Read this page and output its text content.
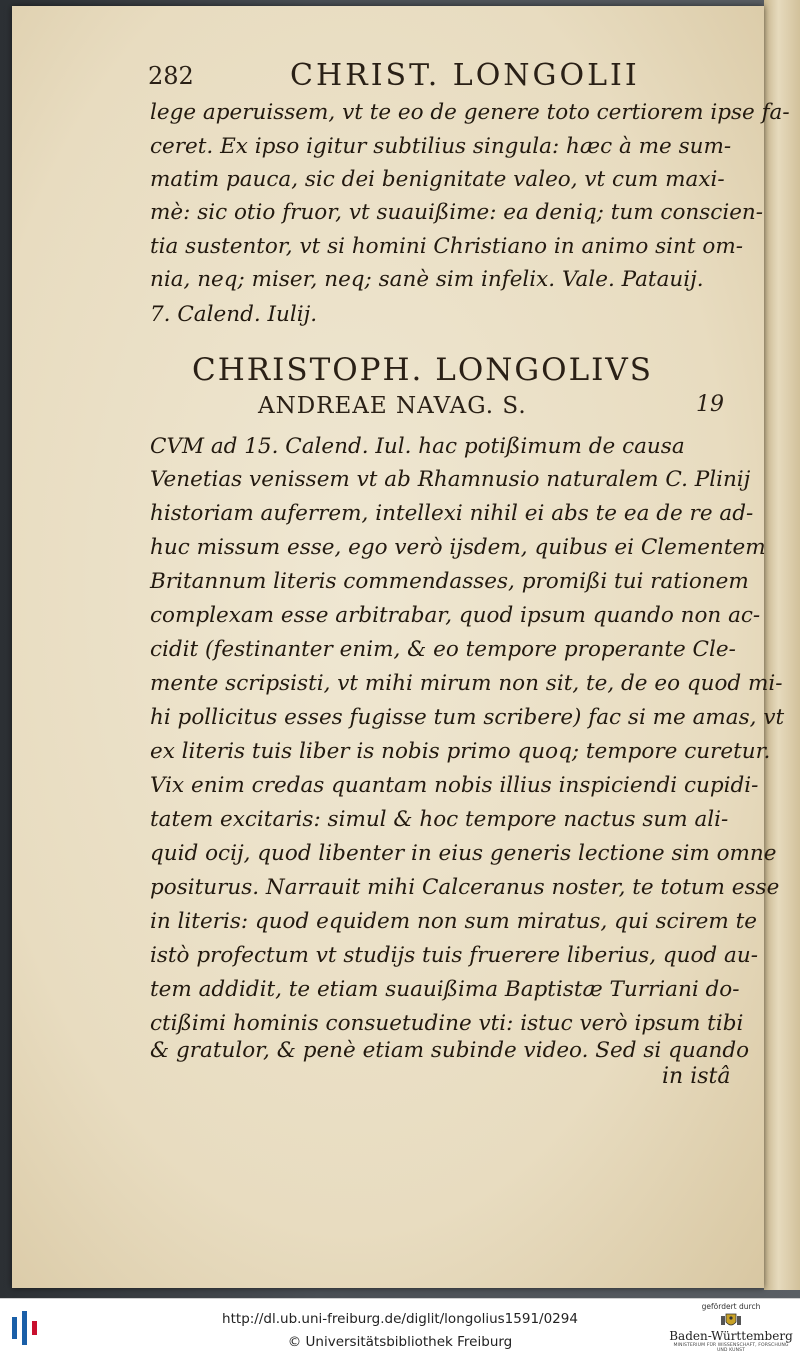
282	CHRIST. LONGOLII
lege aperuissem, vt te eo de genere toto certiorem ipse fa-
ceret. Ex ipso igitur subtilius singula: hæc à me sum-
matim pauca, sic dei benignitate valeo, vt cum maxi-
mè: sic otio fruor, vt suauißime: ea deniq; tum conscien-
tia sustentor, vt si homini Christiano in animo sint om-
nia, neq; miser, neq; sanè sim infelix. Vale. Patauij.
7. Calend. Iulij.
CHRISTOPH. LONGOLIVS
ANDREAE NAVAG. S.	19
CVM ad 15. Calend. Iul. hac potißimum de causa
Venetias venissem vt ab Rhamnusio naturalem C. Plinij
historiam auferrem, intellexi nihil ei abs te ea de re ad-
huc missum esse, ego verò ijsdem, quibus ei Clementem
Britannum literis commendasses, promißi tui rationem
complexam esse arbitrabar, quod ipsum quando non ac-
cidit (festinanter enim, & eo tempore properante Cle-
mente scripsisti, vt mihi mirum non sit, te, de eo quod mi-
hi pollicitus esses fugisse tum scribere) fac si me amas, vt
ex literis tuis liber is nobis primo quoq; tempore curetur.
Vix enim credas quantam nobis illius inspiciendi cupidi-
tatem excitaris: simul & hoc tempore nactus sum ali-
quid ocij, quod libenter in eius generis lectione sim omne
positurus. Narrauit mihi Calceranus noster, te totum esse
in literis: quod equidem non sum miratus, qui scirem te
istò profectum vt studijs tuis fruerere liberius, quod au-
tem addidit, te etiam suauißima Baptistæ Turriani do-
ctißimi hominis consuetudine vti: istuc verò ipsum tibi
& gratulor, & penè etiam subinde video. Sed si quando
in istâ
http://dl.ub.uni-freiburg.de/diglit/longolius1591/0294
© Universitätsbibliothek Freiburg
gefördert durch
Baden-Württemberg
MINISTERIUM FÜR WISSENSCHAFT, FORSCHUNG UND KUNST
